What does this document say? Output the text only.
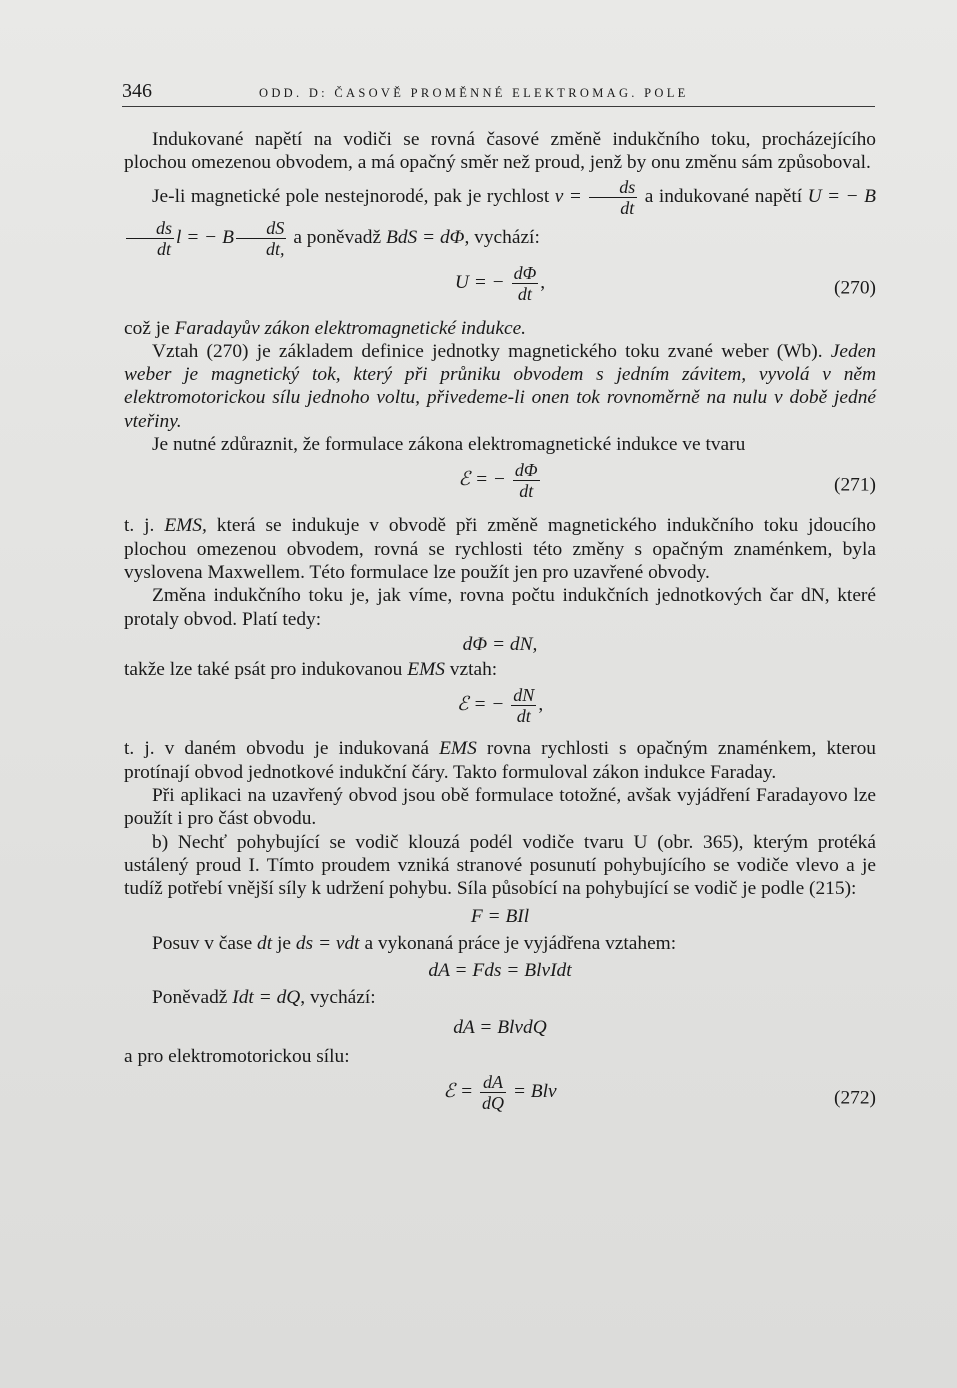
346	ODD. D: ČASOVĚ PROMĚNNÉ ELEKTROMAG. POLE

Indukované napětí na vodiči se rovná časové změně indukčního toku, procházejícího plochou omezenou obvodem, a má opačný směr než proud, jenž by onu změnu sám způsoboval.

Je-li magnetické pole nestejnorodé, pak je rychlost $v = \frac{ds}{dt}$ a indukované napětí U = − B
$\frac{ds}{dt}$ l = − B $\frac{dS}{dt,}$ a poněvadž BdS = dΦ, vychází:

U = − $\frac{d\Phi}{dt}$ ,	(270)

což je Faradayův zákon elektromagnetické indukce.

Vztah (270) je základem definice jednotky magnetického toku zvané weber (Wb). Jeden weber je magnetický tok, který při průniku obvodem s jedním závitem, vyvolá v něm elektromotorickou sílu jednoho voltu, přivedeme-li onen tok rovnoměrně na nulu v době jedné vteřiny.

Je nutné zdůraznit, že formulace zákona elektromagnetické indukce ve tvaru

ℰ = − $\frac{d\Phi}{dt}$	(271)

t. j. EMS, která se indukuje v obvodě při změně magnetického indukčního toku jdoucího plochou omezenou obvodem, rovná se rychlosti této změny s opačným znaménkem, byla vyslovena Maxwellem. Této formulace lze použít jen pro uzavřené obvody.

Změna indukčního toku je, jak víme, rovna počtu indukčních jednotkových čar dN, které protaly obvod. Platí tedy:

dΦ = dN,

takže lze také psát pro indukovanou EMS vztah:

ℰ = − $\frac{dN}{dt}$ ,

t. j. v daném obvodu je indukovaná EMS rovna rychlosti s opačným znaménkem, kterou protínají obvod jednotkové indukční čáry. Takto formuloval zákon indukce Faraday.

Při aplikaci na uzavřený obvod jsou obě formulace totožné, avšak vyjádření Faradayovo lze použít i pro část obvodu.

b) Nechť pohybující se vodič klouzá podél vodiče tvaru U (obr. 365), kterým protéká ustálený proud I. Tímto proudem vzniká stranové posunutí pohybujícího se vodiče vlevo a je tudíž potřebí vnější síly k udržení pohybu. Síla působící na pohybující se vodič je podle (215):

F = BIl

Posuv v čase dt je ds = vdt a vykonaná práce je vyjádřena vztahem:

dA = Fds = BlvIdt

Poněvadž Idt = dQ, vychází:

dA = BlvdQ

a pro elektromotorickou sílu:

ℰ = $\frac{dA}{dQ}$ = Blv	(272)
